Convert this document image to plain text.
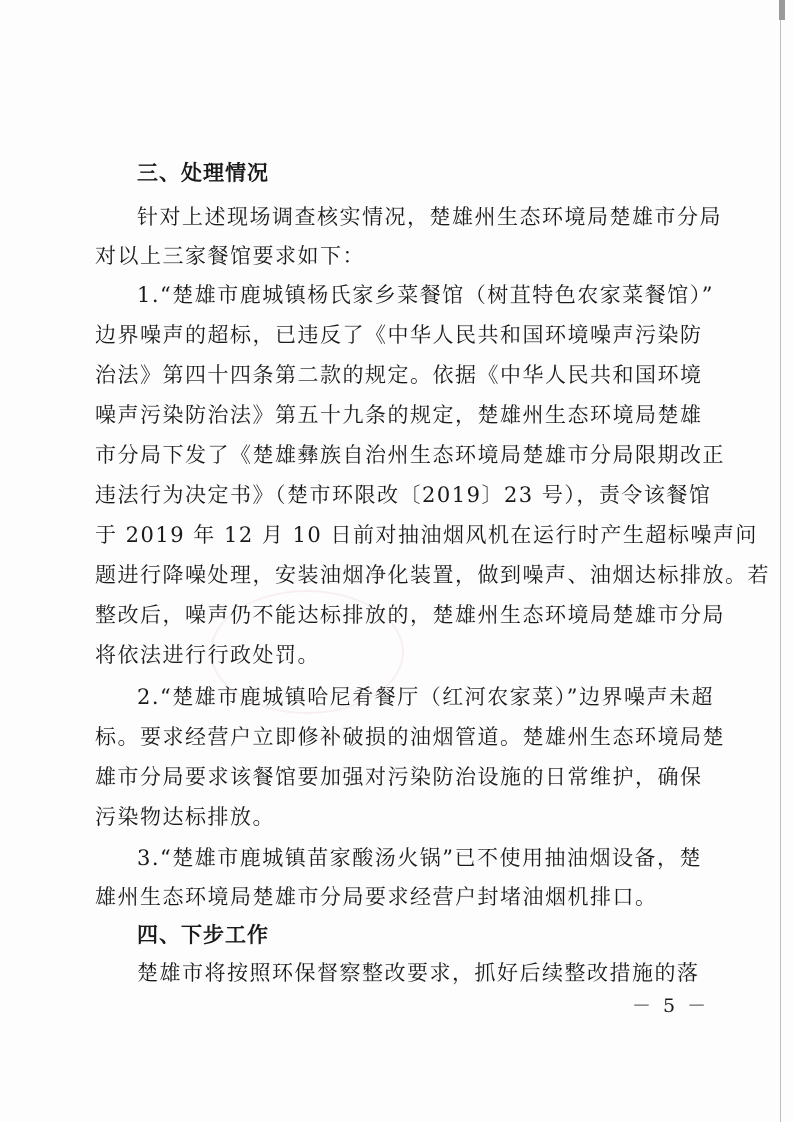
三、处理情况
针对上述现场调查核实情况，楚雄州生态环境局楚雄市分局
对以上三家餐馆要求如下：
1.“楚雄市鹿城镇杨氏家乡菜餐馆（树苴特色农家菜餐馆）”
边界噪声的超标，已违反了《中华人民共和国环境噪声污染防
治法》第四十四条第二款的规定。依据《中华人民共和国环境
噪声污染防治法》第五十九条的规定，楚雄州生态环境局楚雄
市分局下发了《楚雄彝族自治州生态环境局楚雄市分局限期改正
违法行为决定书》（楚市环限改〔2019〕23 号），责令该餐馆
于 2019 年 12 月 10 日前对抽油烟风机在运行时产生超标噪声问
题进行降噪处理，安装油烟净化装置，做到噪声、油烟达标排放。若
整改后，噪声仍不能达标排放的，楚雄州生态环境局楚雄市分局
将依法进行行政处罚。
2.“楚雄市鹿城镇哈尼肴餐厅（红河农家菜）”边界噪声未超
标。要求经营户立即修补破损的油烟管道。楚雄州生态环境局楚
雄市分局要求该餐馆要加强对污染防治设施的日常维护，确保
污染物达标排放。
3.“楚雄市鹿城镇苗家酸汤火锅”已不使用抽油烟设备，楚
雄州生态环境局楚雄市分局要求经营户封堵油烟机排口。
四、下步工作
楚雄市将按照环保督察整改要求，抓好后续整改措施的落
－ 5 －
